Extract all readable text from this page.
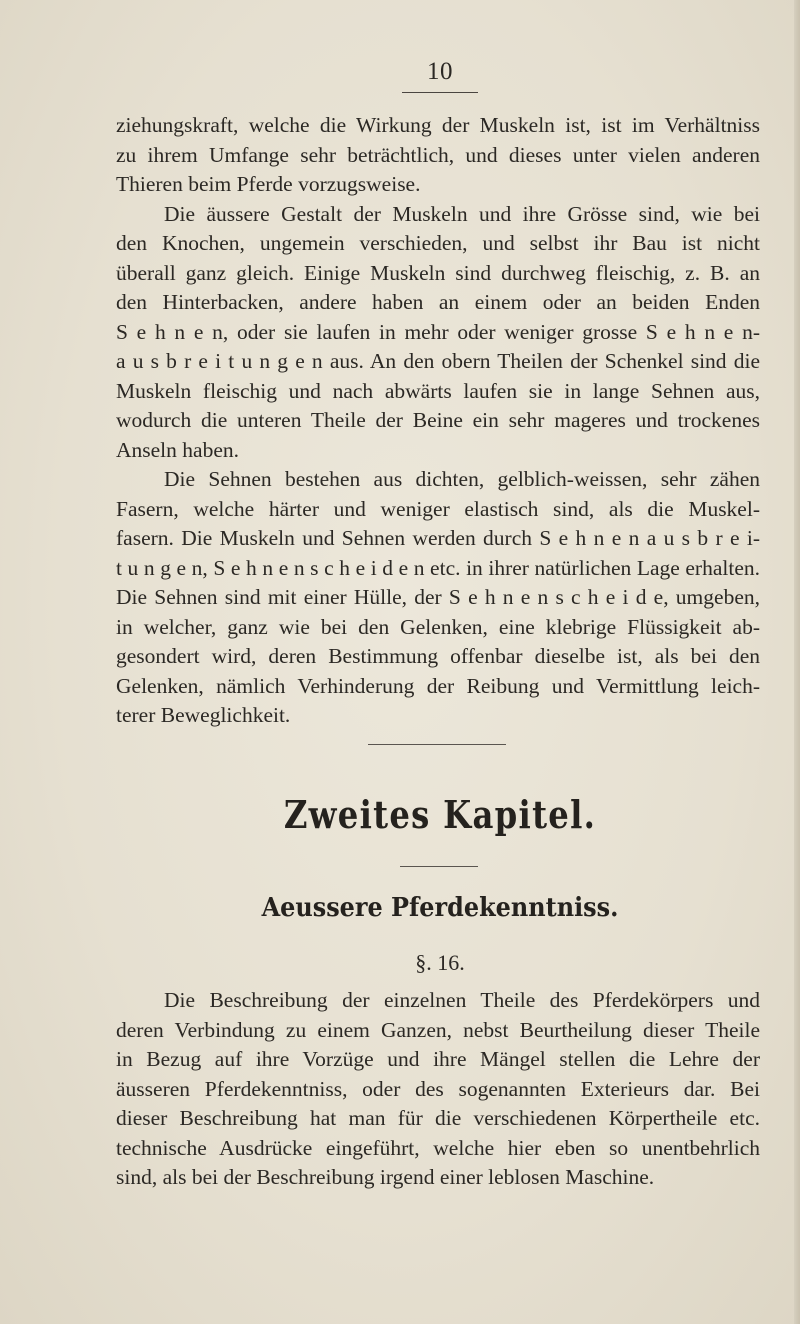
10
ziehungskraft, welche die Wirkung der Muskeln ist, ist im Verhältniss
zu ihrem Umfange sehr beträchtlich, und dieses unter vielen anderen
Thieren beim Pferde vorzugsweise.
Die äussere Gestalt der Muskeln und ihre Grösse sind, wie bei
den Knochen, ungemein verschieden, und selbst ihr Bau ist nicht
überall ganz gleich. Einige Muskeln sind durchweg fleischig, z. B. an
den Hinterbacken, andere haben an einem oder an beiden Enden
S e h n e n, oder sie laufen in mehr oder weniger grosse S e h n e n-
a u s b r e i t u n g e n aus. An den obern Theilen der Schenkel sind die
Muskeln fleischig und nach abwärts laufen sie in lange Sehnen aus,
wodurch die unteren Theile der Beine ein sehr mageres und trockenes
Anseln haben.
Die Sehnen bestehen aus dichten, gelblich-weissen, sehr zähen
Fasern, welche härter und weniger elastisch sind, als die Muskel-
fasern. Die Muskeln und Sehnen werden durch S e h n e n a u s b r e i-
t u n g e n, S e h n e n s c h e i d e n etc. in ihrer natürlichen Lage erhalten.
Die Sehnen sind mit einer Hülle, der S e h n e n s c h e i d e, umgeben,
in welcher, ganz wie bei den Gelenken, eine klebrige Flüssigkeit ab-
gesondert wird, deren Bestimmung offenbar dieselbe ist, als bei den
Gelenken, nämlich Verhinderung der Reibung und Vermittlung leich-
terer Beweglichkeit.
Zweites Kapitel.
Aeussere Pferdekenntniss.
§. 16.
Die Beschreibung der einzelnen Theile des Pferdekörpers und
deren Verbindung zu einem Ganzen, nebst Beurtheilung dieser Theile
in Bezug auf ihre Vorzüge und ihre Mängel stellen die Lehre der
äusseren Pferdekenntniss, oder des sogenannten Exterieurs dar. Bei
dieser Beschreibung hat man für die verschiedenen Körpertheile etc.
technische Ausdrücke eingeführt, welche hier eben so unentbehrlich
sind, als bei der Beschreibung irgend einer leblosen Maschine.
